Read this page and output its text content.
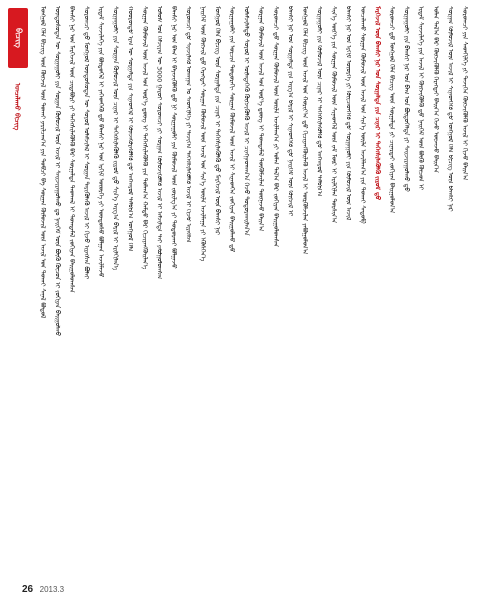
ᠪᠢᠴᠢᠭ᠌
ᠣᠨᠴᠠᠯᠠᠬᠤ ᠪᠢᠴᠢᠭ᠌	ᠮᠣᠩᠭᠣᠯ ᠬᠡᠯᠡ ᠪᠢᠴᠢᠭ᠌ ᠦᠨ ᠬᠥᠭᠵᠢᠯ ᠦᠨ ᠲᠤᠬᠠᠢ ᠶᠠᠷᠢᠯᠴᠠᠭ᠎ᠠ ᠶᠢᠨ ᠲᠣᠪᠴᠢ ᠪᠠ ᠰᠤᠷᠭᠠᠨ ᠬᠦᠮᠦᠵᠢᠯ ᠦᠨ ᠠᠵᠢᠯ ᠤᠨ ᠲᠤᠬᠠᠢ ᠰᠠᠨᠠᠯ ᠪᠣᠳᠤᠯ ᠦᠨᠳᠦᠰᠦᠲᠡᠨ ᠦ ᠰᠤᠷᠭᠠᠭᠤᠯᠢ ᠶᠢᠨ ᠰᠤᠷᠭᠠᠨ ᠬᠦᠮᠦᠵᠢᠯ ᠦᠨ ᠠᠵᠢᠯ ᠢ ᠰᠠᠢᠵᠢᠷᠠᠭᠤᠯᠬᠤ ᠳᠤ ᠨᠡᠢᠭᠡᠮ ᠦᠨ ᠪᠦᠬᠦ ᠬᠦᠴᠦᠨ ᠢ ᠵᠣᠬᠢᠶᠠᠨ ᠪᠠᠢᠭᠤᠯᠬᠤ ᠪᠠᠭᠰᠢ ᠨᠠᠷ ᠤᠨ ᠮᠡᠷᠭᠡᠵᠢᠯ ᠦᠨ ᠴᠢᠳᠠᠪᠤᠷᠢ ᠶᠢ ᠳᠡᠭᠡᠭᠰᠢᠯᠡᠭᠦᠯᠬᠦ ᠪᠡᠷ ᠰᠤᠷᠭᠠᠯᠲᠠ ᠳᠠᠳᠬᠠᠯ ᠢ ᠲᠣᠭᠲᠠᠮᠠᠯ ᠵᠣᠬᠢᠶᠠᠨ ᠪᠠᠢᠭᠤᠯᠤᠭᠰᠠᠨ ᠰᠤᠷᠤᠭᠴᠢ ᠳ᠋ᠤ ᠮᠣᠩᠭᠣᠯ ᠦᠨᠳᠦᠰᠦᠲᠡᠨ ᠦ ᠰᠣᠶᠤᠯ ᠤᠯᠠᠮᠵᠢᠯᠠᠯ ᠢ ᠰᠤᠷᠭᠠᠨ ᠲᠡᠷᠢᠭᠦᠯᠡᠬᠦ ᠠᠵᠢᠯ ᠢ ᠬᠢᠵᠦ ᠢᠷᠡᠭᠰᠡᠨ ᠪᠣᠯᠠᠢ ᠡᠷᠳᠡᠮ ᠰᠢᠨᠵᠢᠯᠡᠭᠡ ᠶᠢᠨ ᠪᠦᠲᠦᠭᠡᠯ ᠢ ᠶᠡᠬᠡᠳᠬᠡᠬᠦ ᠳ᠋ᠤ ᠪᠠᠭᠰᠢ ᠨᠠᠷ ᠤᠨ ᠡᠷᠬᠢᠮ ᠦᠦᠷᠭᠡ ᠶᠢ ᠦᠨᠳᠦᠰᠦ ᠪᠣᠯᠭᠠᠨ ᠠᠵᠢᠯᠯᠠᠵᠤ ᠰᠤᠷᠭᠠᠭᠤᠯᠢ ᠶᠢᠨ ᠰᠤᠷᠭᠠᠨ ᠬᠦᠮᠦᠵᠢᠯ ᠦᠨ ᠴᠢᠨᠠᠷ ᠢ ᠳᠡᠭᠡᠭᠰᠢᠯᠡᠭᠦᠯᠬᠦ ᠵᠢᠷᠤᠮ ᠳ᠋ᠤ ᠰᠢᠨ᠎ᠡ ᠠᠷᠭ᠎ᠠ ᠪᠠᠷᠢᠯ ᠢ ᠡᠷᠢᠯᠬᠢᠯᠡᠨ᠎ᠡ ᠬᠣᠣᠷᠣᠨᠳᠤ ᠡᠷᠡᠨ ᠦ ᠰᠤᠷᠭᠠᠯᠲᠠ ᠶᠢᠨ ᠰᠢᠨᠡᠳᠬᠡᠯ ᠢ ᠭᠦᠨᠵᠡᠭᠦᠷᠡᠭᠦᠯᠬᠦ ᠳ᠋ᠤ ᠠᠩᠬᠠᠷᠤᠯ ᠲᠠᠯᠪᠢᠨ᠎ᠠ ᠮᠣᠩᠭᠣᠯ ᠬᠡᠯᠡ ᠰᠤᠷᠭᠠᠨ ᠬᠦᠮᠦᠵᠢᠯ ᠦᠨ ᠠᠵᠢᠯ ᠤᠨ ᠦᠷ᠎ᠡ ᠳ᠋ᠦᠩ ᠢ ᠳᠡᠭᠡᠭᠰᠢᠯᠡᠭᠦᠯᠬᠦ ᠶᠢᠨ ᠲᠤᠯᠠᠭ᠎ᠠ ᠬᠠᠮᠲᠤ ᠪᠡᠷ ᠬᠢᠴᠢᠶᠡᠩᠭᠦᠢᠯᠡᠨ᠎ᠡ ᠤᠯᠤᠰ ᠤᠨ ᠬᠡᠮᠵᠢᠶᠡᠨ ᠦ 3000 ᠭᠠᠷᠤᠢ ᠰᠤᠷᠤᠭᠴᠢ ᠶᠢ ᠰᠤᠷᠭᠠᠨ ᠬᠦᠮᠦᠵᠢᠭᠦᠯᠬᠦ ᠠᠵᠢᠯ ᠢ ᠠᠮᠵᠢᠯᠲᠠ ᠲᠠᠢ ᠶᠠᠪᠤᠭᠤᠯᠤᠭᠰᠠᠨ ᠪᠠᠭᠰᠢ ᠨᠠᠷ ᠤᠨ ᠪᠠᠭ ᠢ ᠪᠡᠶᠡᠵᠢᠭᠦᠯᠬᠦ ᠳ᠋ᠦ ᠨᠢ ᠰᠤᠷᠭᠠᠭᠤᠯᠢ ᠶᠢᠨ ᠬᠦᠮᠦᠵᠢᠯ ᠦᠨ ᠵᠣᠷᠢᠯᠭ᠎ᠠ ᠶᠢ ᠲᠣᠳᠣᠷᠬᠠᠢ ᠪᠣᠯᠭᠠᠵᠤ ᠰᠤᠷᠤᠭᠴᠢ ᠳ᠋ᠤ ᠰᠢᠨᠵᠢᠯᠡᠬᠦ ᠤᠬᠠᠭᠠᠨ ᠤ ᠰᠡᠳᠬᠢᠯᠭᠡ ᠶᠢ ᠲᠡᠵᠢᠭᠡᠨ ᠳᠡᠭᠡᠭᠰᠢᠯᠡᠭᠦᠯᠬᠦ ᠠᠵᠢᠯ ᠢ ᠬᠢᠵᠦ ᠢᠷᠡᠭᠰᠡᠨ ᠨᠡᠢᠭᠡᠮ ᠦᠨ ᠬᠥᠭᠵᠢᠯ ᠳ᠋ᠦ ᠬᠡᠷᠡᠭᠲᠡᠢ ᠰᠤᠷᠭᠠᠨ ᠬᠦᠮᠦᠵᠢᠯ ᠦᠨ ᠠᠵᠢᠯ ᠤᠨ ᠰᠢᠨ᠎ᠡ ᠦᠢᠯᠡ ᠠᠵᠢᠯᠯᠠᠭᠠ ᠶᠢ ᠡᠭᠦᠰᠭᠡᠨ᠎ᠡ ᠮᠣᠩᠭᠣᠯ ᠬᠡᠯᠡ ᠪᠢᠴᠢᠭ᠌ ᠦᠨ ᠰᠤᠷᠭᠠᠯᠲᠠ ᠶᠢᠨ ᠴᠢᠨᠠᠷ ᠢ ᠳᠡᠭᠡᠭᠰᠢᠯᠡᠭᠦᠯᠬᠦ ᠳ᠋ᠦ ᠮᠡᠷᠭᠡᠵᠢᠯ ᠦᠨ ᠪᠠᠭᠰᠢ ᠨᠠᠷ ᠰᠤᠷᠭᠠᠭᠤᠯᠢ ᠶᠢᠨ ᠣᠷᠴᠢᠨ ᠳᠣᠲᠣᠷᠠᠬᠢ ᠰᠤᠷᠭᠠᠨ ᠬᠦᠮᠦᠵᠢᠯ ᠦᠨ ᠠᠵᠢᠯ ᠢ ᠰᠢᠨᠡᠳᠬᠡᠨ ᠵᠣᠬᠢᠶᠠᠨ ᠪᠠᠢᠭᠤᠯᠬᠤ ᠳ᠋ᠤ ᠤᠯᠠᠮᠵᠢᠯᠠᠯᠲᠤ ᠰᠣᠶᠤᠯ ᠢ ᠦᠯᠡᠳᠡᠭᠡᠬᠦ ᠬᠥᠭᠵᠢᠭᠦᠯᠬᠦ ᠠᠵᠢᠯ ᠢ ᠴᠢᠩᠭᠠᠳᠬᠠᠨ᠎ᠠ ᠭᠡᠵᠦ ᠲᠣᠳᠣᠷᠬᠠᠢᠯᠠᠨ᠎ᠠ ᠰᠤᠷᠭᠠᠨ ᠬᠦᠮᠦᠵᠢᠯ ᠦᠨ ᠠᠵᠢᠯ ᠤᠨ ᠦᠷ᠎ᠡ ᠳ᠋ᠦᠩ ᠢ ᠲᠣᠭᠲᠠᠮᠠᠯ ᠳᠦᠭᠦᠮᠵᠢᠯᠡᠨ ᠳᠦᠭᠨᠡᠵᠦ ᠪᠠᠢᠨ᠎ᠠ ᠰᠤᠷᠤᠭᠴᠢ ᠳ᠋ᠤ ᠰᠤᠷᠭᠠᠨ ᠬᠦᠮᠦᠵᠢᠯ ᠦᠨ ᠦᠢᠯᠡ ᠠᠵᠢᠯᠯᠠᠭ᠎ᠠ ᠶᠢ ᠣᠯᠠᠨ ᠲᠠᠯ᠎ᠠ ᠪᠠᠷ ᠵᠣᠬᠢᠶᠠᠨ ᠪᠠᠢᠭᠤᠯᠤᠭᠰᠠᠨ ᠪᠠᠭᠰᠢ ᠨᠠᠷ ᠤᠨ ᠰᠤᠷᠭᠠᠯᠲᠠ ᠶᠢᠨ ᠠᠷᠭ᠎ᠠ ᠪᠠᠷᠢᠯ ᠢ ᠰᠢᠨᠡᠳᠬᠡᠬᠦ ᠳ᠋ᠦ ᠨᠡᠢᠭᠡᠮ ᠦᠨ ᠬᠥᠭᠵᠢᠯ ᠢ ᠮᠣᠩᠭᠣᠯ ᠬᠡᠯᠡ ᠪᠢᠴᠢᠭ᠌ ᠦᠨ ᠠᠵᠢᠯ ᠤᠨ ᠬᠣᠷᠢᠶ᠎ᠠ ᠳ᠋ᠤ ᠬᠢᠴᠢᠶᠡᠩᠭᠦᠢᠯᠡᠬᠦ ᠠᠵᠢᠯ ᠢ ᠦᠷᠭᠦᠯᠵᠢᠯᠡᠨ ᠶᠠᠪᠤᠭᠤᠯᠤᠨ᠎ᠠ ᠰᠤᠷᠭᠠᠭᠤᠯᠢ ᠶᠢᠨ ᠬᠦᠮᠦᠵᠢᠯ ᠦᠨ ᠴᠢᠨᠠᠷ ᠢ ᠳᠡᠭᠡᠭᠰᠢᠯᠡᠭᠦᠯᠬᠦ ᠳ᠋ᠤ ᠠᠩᠬᠠᠷᠤᠯ ᠲᠠᠯᠪᠢᠨ᠎ᠠ ᠰᠢᠨ᠎ᠡ ᠦᠶ᠎ᠡ ᠶᠢᠨ ᠰᠤᠷᠭᠠᠨ ᠬᠦᠮᠦᠵᠢᠯ ᠦᠨ ᠰᠢᠨᠡᠳᠬᠡᠯ ᠦᠨ ᠵᠠᠮ ᠮᠥᠷ ᠢ ᠡᠷᠢᠯᠬᠢᠯᠡᠨ ᠲᠤᠷᠰᠢᠨ᠎ᠠ ᠪᠠᠭᠰᠢ ᠨᠠᠷ ᠤᠨ ᠡᠷᠬᠢᠮ ᠦᠦᠷᠭᠡ ᠶᠢ ᠭᠦᠢᠴᠡᠳᠭᠡᠬᠦ ᠳ᠋ᠦ ᠰᠤᠷᠭᠠᠭᠤᠯᠢ ᠶᠢᠨ ᠬᠦᠮᠦᠵᠢᠯ ᠦᠨ ᠠᠵᠢᠯ ᠣᠨᠴᠠᠯᠠᠬᠤ ᠰᠤᠷᠭᠠᠨ ᠬᠦᠮᠦᠵᠢᠯ ᠦᠨ ᠠᠵᠢᠯ ᠤᠨ ᠰᠢᠨ᠎ᠡ ᠦᠢᠯᠡ ᠠᠵᠢᠯᠯᠠᠭ᠎ᠠ ᠶᠢᠨ ᠲᠤᠬᠠᠢ ᠰᠡᠳᠦᠪ ᠮᠡᠷᠭᠡᠵᠢᠯ ᠦᠨ ᠪᠠᠭᠰᠢ ᠨᠠᠷ ᠤᠨ ᠰᠤᠷᠭᠠᠯᠲᠠ ᠶᠢᠨ ᠴᠢᠨᠠᠷ ᠢ ᠳᠡᠭᠡᠭᠰᠢᠯᠡᠭᠦᠯᠬᠦ ᠵᠢᠷᠤᠮ ᠳ᠋ᠤ ᠰᠤᠷᠤᠭᠴᠢ ᠳ᠋ᠤ ᠮᠣᠩᠭᠣᠯ ᠬᠡᠯᠡ ᠪᠢᠴᠢᠭ᠌ ᠦᠨ ᠰᠤᠷᠭᠠᠯᠲᠠ ᠶᠢ ᠴᠢᠨᠠᠷᠲᠠᠢ ᠵᠣᠬᠢᠶᠠᠨ ᠪᠠᠢᠭᠤᠯᠤᠨ᠎ᠠ ᠰᠤᠷᠭᠠᠭᠤᠯᠢ ᠶᠢᠨ ᠪᠠᠭᠰᠢ ᠨᠠᠷ ᠤᠨ ᠪᠠᠭ ᠤᠨ ᠪᠦᠲᠦᠭᠡᠯᠲᠡ ᠶᠢ ᠰᠠᠢᠵᠢᠷᠠᠭᠤᠯᠬᠤ ᠳ᠋ᠤ ᠡᠷᠳᠡᠮ ᠰᠢᠨᠵᠢᠯᠡᠭᠡ ᠶᠢᠨ ᠠᠵᠢᠯ ᠢ ᠬᠥᠭᠵᠢᠭᠦᠯᠬᠦ ᠳ᠋ᠦ ᠨᠡᠢᠭᠡᠮ ᠦᠨ ᠪᠦᠬᠦ ᠬᠦᠴᠦᠨ ᠢ ᠣᠯᠠᠨ ᠲᠠᠯ᠎ᠠ ᠪᠠᠷ ᠬᠥᠭᠵᠢᠭᠦᠯᠬᠦ ᠬᠡᠷᠡᠭᠲᠡᠢ ᠪᠠᠢᠨ᠎ᠠ ᠭᠡᠵᠦ ᠦᠵᠡᠵᠦ ᠪᠠᠢᠨ᠎ᠠ ᠰᠤᠷᠭᠠᠨ ᠬᠦᠮᠦᠵᠢᠯ ᠦᠨ ᠠᠵᠢᠯ ᠢ ᠰᠢᠨᠡᠳᠬᠡᠬᠦ ᠳ᠋ᠦ ᠮᠣᠩᠭᠣᠯ ᠬᠡᠯᠡ ᠪᠢᠴᠢᠭ᠌ ᠦᠨ ᠪᠠᠭᠰᠢ ᠨᠠᠷ ᠰᠤᠷᠤᠭᠴᠢ ᠶᠢᠨ ᠰᠡᠳᠬᠢᠯᠭᠡ ᠶᠢ ᠲᠡᠵᠢᠭᠡᠨ ᠬᠥᠭᠵᠢᠭᠦᠯᠬᠦ ᠠᠵᠢᠯ ᠢ ᠬᠢᠵᠦ ᠪᠠᠢᠨ᠎ᠠ
26 2013.3
